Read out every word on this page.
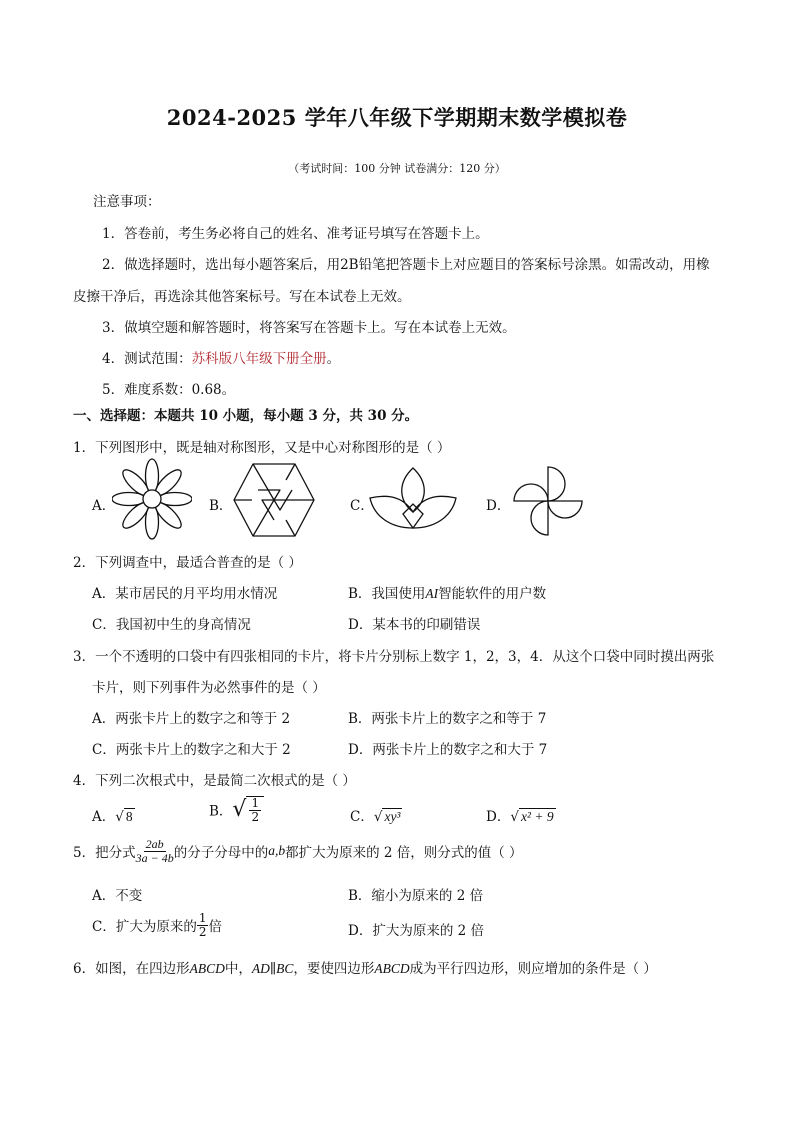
2024-2025 学年八年级下学期期末数学模拟卷
（考试时间：100 分钟 试卷满分：120 分）
注意事项：
1．答卷前，考生务必将自己的姓名、准考证号填写在答题卡上。
2．做选择题时，选出每小题答案后，用2B铅笔把答题卡上对应题目的答案标号涂黑。如需改动，用橡
皮擦干净后，再选涂其他答案标号。写在本试卷上无效。
3．做填空题和解答题时，将答案写在答题卡上。写在本试卷上无效。
4．测试范围：苏科版八年级下册全册。
5．难度系数：0.68。
一、选择题：本题共 10 小题，每小题 3 分，共 30 分。
1．下列图形中，既是轴对称图形，又是中心对称图形的是（ ）
A．	B．	C．	D．
2．下列调查中，最适合普查的是（ ）
A．某市居民的月平均用水情况	B．我国使用AI智能软件的用户数
C．我国初中生的身高情况	D．某本书的印刷错误
3．一个不透明的口袋中有四张相同的卡片，将卡片分别标上数字 1，2，3，4．从这个口袋中同时摸出两张
卡片，则下列事件为必然事件的是（ ）
A．两张卡片上的数字之和等于 2	B．两张卡片上的数字之和等于 7
C．两张卡片上的数字之和大于 2	D．两张卡片上的数字之和大于 7
4．下列二次根式中，是最简二次根式的是（ ）
A．√ 8	B．√ $\frac{1}{2}$	C．√ xy³	D．√ x² + 9
5．把分式 $\frac{2ab}{3a - 4b}$ 的分子分母中的 a,b 都扩大为原来的 2 倍，则分式的值（ ）
A．不变	B．缩小为原来的 2 倍
C．扩大为原来的 $\frac{1}{2}$ 倍	D．扩大为原来的 2 倍
6．如图，在四边形ABCD中，AD∥BC，要使四边形ABCD成为平行四边形，则应增加的条件是（ ）
